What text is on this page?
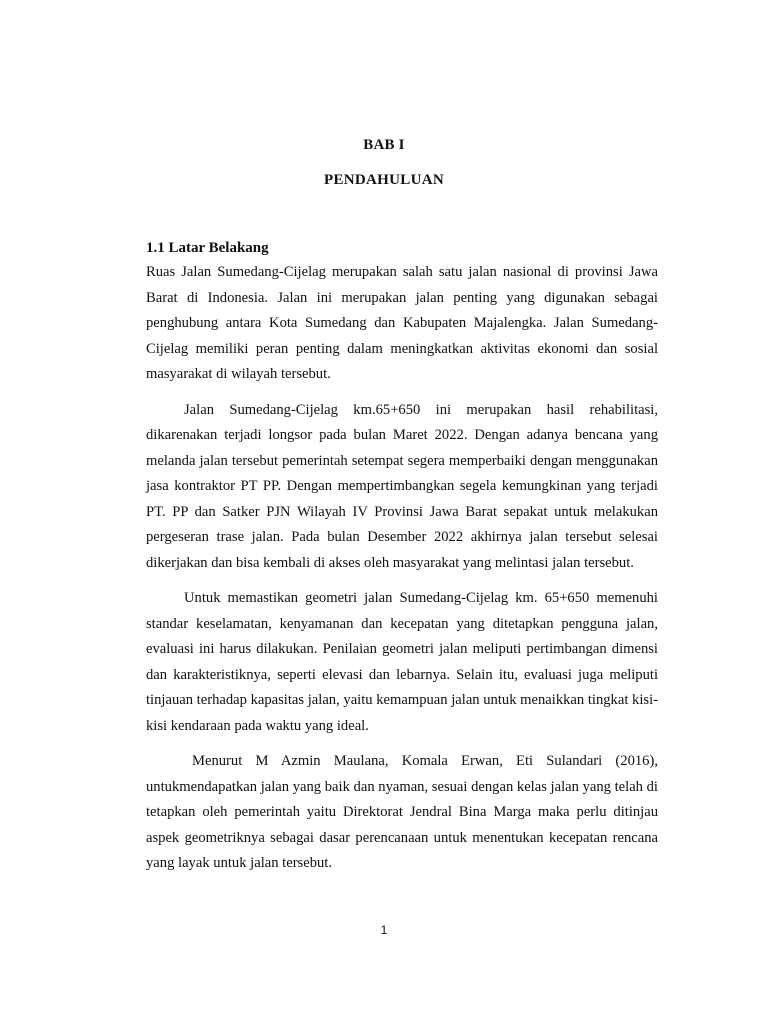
BAB I
PENDAHULUAN
1.1 Latar Belakang

Ruas Jalan Sumedang-Cijelag merupakan salah satu jalan nasional di provinsi Jawa Barat di Indonesia. Jalan ini merupakan jalan penting yang digunakan sebagai penghubung antara Kota Sumedang dan Kabupaten Majalengka. Jalan Sumedang-Cijelag memiliki peran penting dalam meningkatkan aktivitas ekonomi dan sosial masyarakat di wilayah tersebut.

Jalan Sumedang-Cijelag km.65+650 ini merupakan hasil rehabilitasi, dikarenakan terjadi longsor pada bulan Maret 2022. Dengan adanya bencana yang melanda jalan tersebut pemerintah setempat segera memperbaiki dengan menggunakan jasa kontraktor PT PP. Dengan mempertimbangkan segela kemungkinan yang terjadi PT. PP dan Satker PJN Wilayah IV Provinsi Jawa Barat sepakat untuk melakukan pergeseran trase jalan. Pada bulan Desember 2022 akhirnya jalan tersebut selesai dikerjakan dan bisa kembali di akses oleh masyarakat yang melintasi jalan tersebut.

Untuk memastikan geometri jalan Sumedang-Cijelag km. 65+650 memenuhi standar keselamatan, kenyamanan dan kecepatan yang ditetapkan pengguna jalan, evaluasi ini harus dilakukan. Penilaian geometri jalan meliputi pertimbangan dimensi dan karakteristiknya, seperti elevasi dan lebarnya. Selain itu, evaluasi juga meliputi tinjauan terhadap kapasitas jalan, yaitu kemampuan jalan untuk menaikkan tingkat kisi-kisi kendaraan pada waktu yang ideal.

Menurut M Azmin Maulana, Komala Erwan, Eti Sulandari (2016), untukmendapatkan jalan yang baik dan nyaman, sesuai dengan kelas jalan yang telah di tetapkan oleh pemerintah yaitu Direktorat Jendral Bina Marga maka perlu ditinjau aspek geometriknya sebagai dasar perencanaan untuk menentukan kecepatan rencana yang layak untuk jalan tersebut.

1
